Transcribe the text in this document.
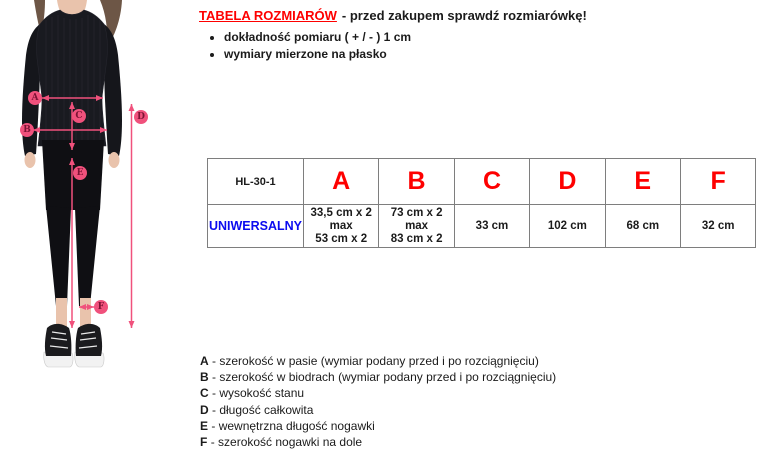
A
B
C	D
E
F
TABELA ROZMIARÓW - przed zakupem sprawdź rozmiarówkę!
• dokładność pomiaru ( + / - ) 1 cm
• wymiary mierzone na płasko
HL-30-1	A	B	C	D	E	F
UNIWERSALNY	33,5 cm x 2
max
53 cm x 2	73 cm x 2
max
83 cm x 2	33 cm	102 cm	68 cm	32 cm
A - szerokość w pasie (wymiar podany przed i po rozciągnięciu)
B - szerokość w biodrach (wymiar podany przed i po rozciągnięciu)
C - wysokość stanu
D - długość całkowita
E - wewnętrzna długość nogawki
F - szerokość nogawki na dole
